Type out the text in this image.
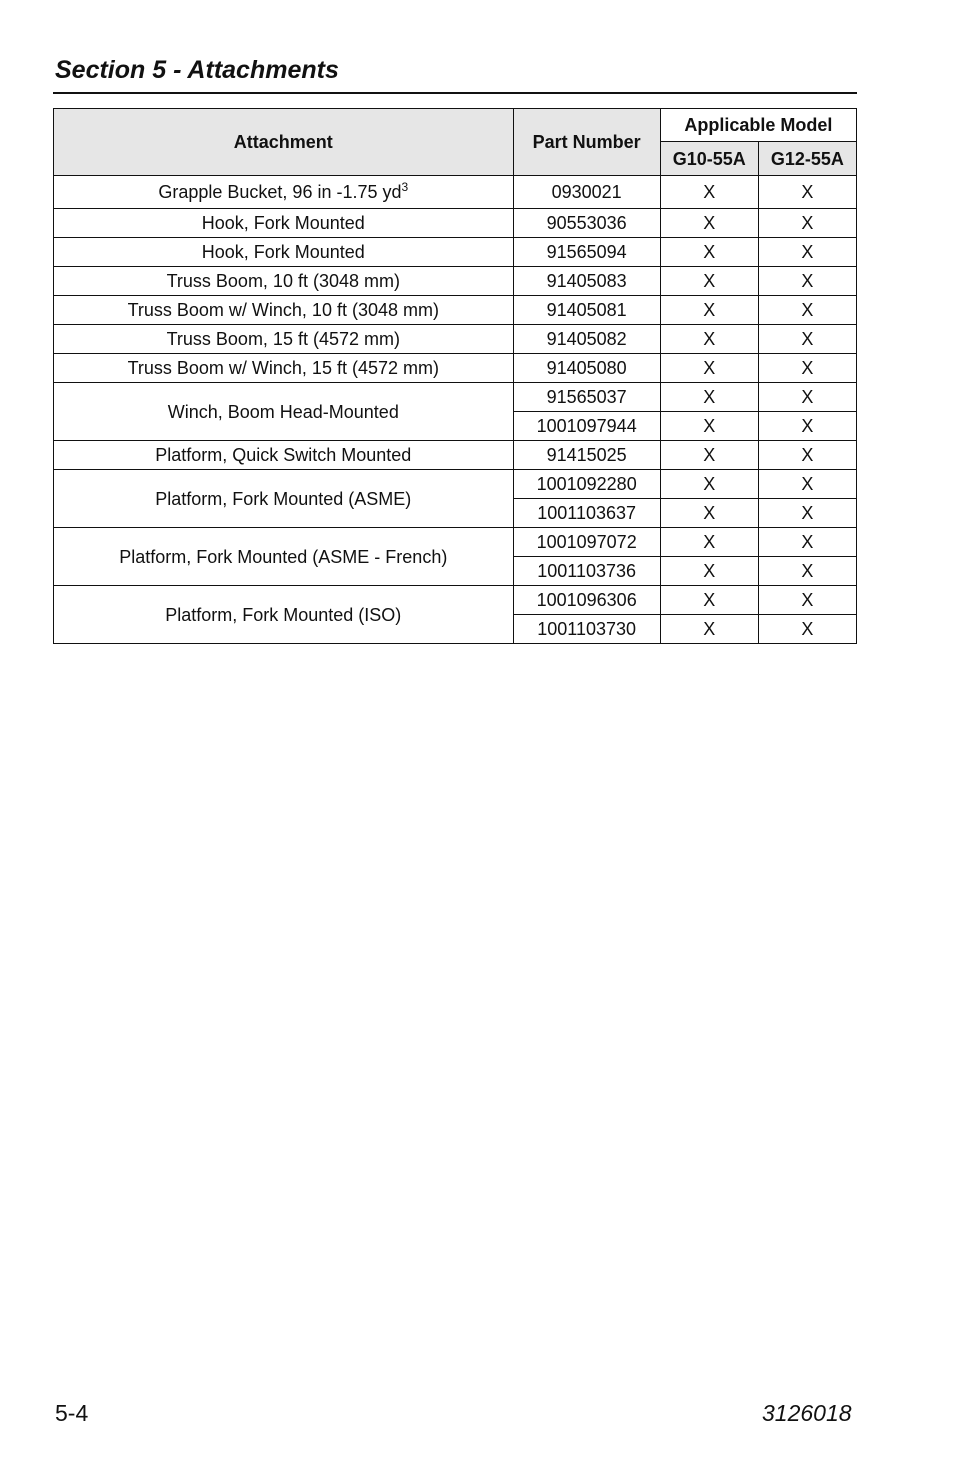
Section 5 - Attachments
Attachment	Part Number	Applicable Model	
		G10-55A	G12-55A
Grapple Bucket, 96 in -1.75 $yd^3$	0930021	X	X
Hook, Fork Mounted	90553036	X	X
Hook, Fork Mounted	91565094	X	X
Truss Boom, 10 ft (3048 mm)	91405083	X	X
Truss Boom w/ Winch, 10 ft (3048 mm)	91405081	X	X
Truss Boom, 15 ft (4572 mm)	91405082	X	X
Truss Boom w/ Winch, 15 ft (4572 mm)	91405080	X	X
Winch, Boom Head-Mounted	91565037	X	X
	1001097944	X	X
Platform, Quick Switch Mounted	91415025	X	X
Platform, Fork Mounted (ASME)	1001092280	X	X
	1001103637	X	X
Platform, Fork Mounted (ASME - French)	1001097072	X	X
	1001103736	X	X
Platform, Fork Mounted (ISO)	1001096306	X	X
	1001103730	X	X
5-4	3126018
